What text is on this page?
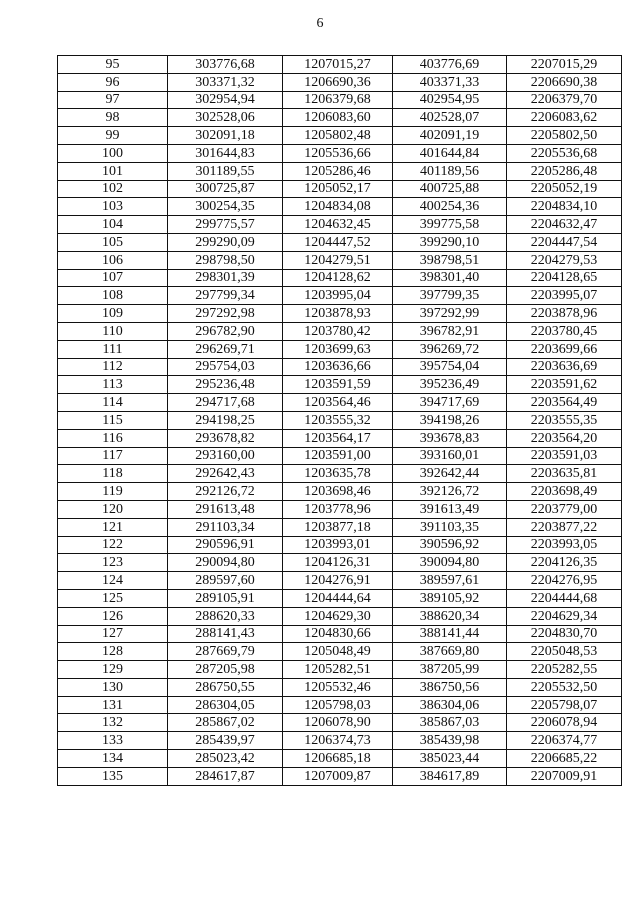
6
95	303776,68	1207015,27	403776,69	2207015,29
96	303371,32	1206690,36	403371,33	2206690,38
97	302954,94	1206379,68	402954,95	2206379,70
98	302528,06	1206083,60	402528,07	2206083,62
99	302091,18	1205802,48	402091,19	2205802,50
100	301644,83	1205536,66	401644,84	2205536,68
101	301189,55	1205286,46	401189,56	2205286,48
102	300725,87	1205052,17	400725,88	2205052,19
103	300254,35	1204834,08	400254,36	2204834,10
104	299775,57	1204632,45	399775,58	2204632,47
105	299290,09	1204447,52	399290,10	2204447,54
106	298798,50	1204279,51	398798,51	2204279,53
107	298301,39	1204128,62	398301,40	2204128,65
108	297799,34	1203995,04	397799,35	2203995,07
109	297292,98	1203878,93	397292,99	2203878,96
110	296782,90	1203780,42	396782,91	2203780,45
111	296269,71	1203699,63	396269,72	2203699,66
112	295754,03	1203636,66	395754,04	2203636,69
113	295236,48	1203591,59	395236,49	2203591,62
114	294717,68	1203564,46	394717,69	2203564,49
115	294198,25	1203555,32	394198,26	2203555,35
116	293678,82	1203564,17	393678,83	2203564,20
117	293160,00	1203591,00	393160,01	2203591,03
118	292642,43	1203635,78	392642,44	2203635,81
119	292126,72	1203698,46	392126,72	2203698,49
120	291613,48	1203778,96	391613,49	2203779,00
121	291103,34	1203877,18	391103,35	2203877,22
122	290596,91	1203993,01	390596,92	2203993,05
123	290094,80	1204126,31	390094,80	2204126,35
124	289597,60	1204276,91	389597,61	2204276,95
125	289105,91	1204444,64	389105,92	2204444,68
126	288620,33	1204629,30	388620,34	2204629,34
127	288141,43	1204830,66	388141,44	2204830,70
128	287669,79	1205048,49	387669,80	2205048,53
129	287205,98	1205282,51	387205,99	2205282,55
130	286750,55	1205532,46	386750,56	2205532,50
131	286304,05	1205798,03	386304,06	2205798,07
132	285867,02	1206078,90	385867,03	2206078,94
133	285439,97	1206374,73	385439,98	2206374,77
134	285023,42	1206685,18	385023,44	2206685,22
135	284617,87	1207009,87	384617,89	2207009,91
